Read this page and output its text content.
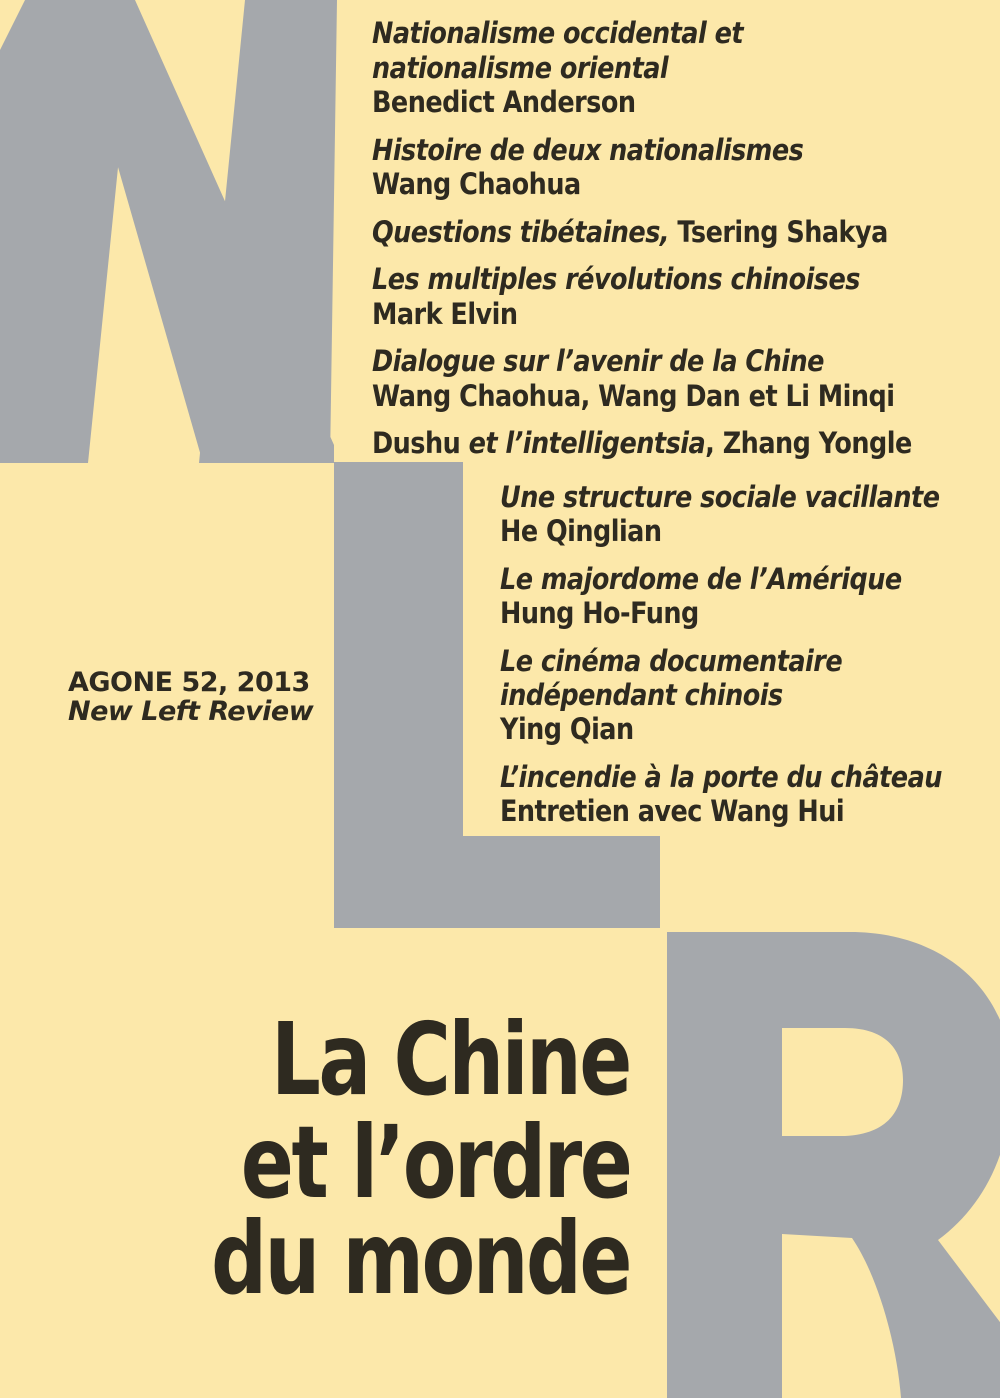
Nationalisme occidental et
nationalisme oriental
Benedict Anderson
Histoire de deux nationalismes
Wang Chaohua
Questions tibétaines, Tsering Shakya
Les multiples révolutions chinoises
Mark Elvin
Dialogue sur l’avenir de la Chine
Wang Chaohua, Wang Dan et Li Minqi
Dushu et l’intelligentsia, Zhang Yongle
Une structure sociale vacillante
He Qinglian
Le majordome de l’Amérique
Hung Ho-Fung
Le cinéma documentaire
indépendant chinois
Ying Qian
L’incendie à la porte du château
Entretien avec Wang Hui
AGONE 52, 2013
New Left Review
La Chine
et l’ordre
du monde
